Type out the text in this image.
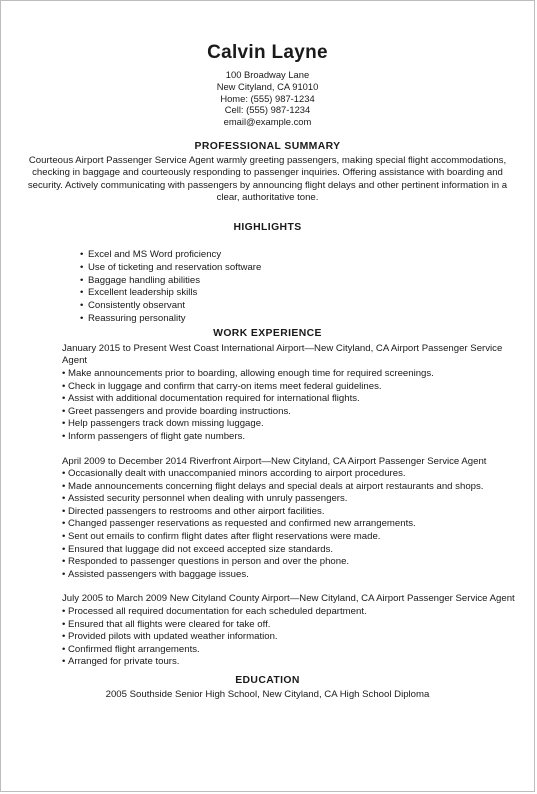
Calvin Layne
100 Broadway Lane
New Cityland, CA 91010
Home: (555) 987-1234
Cell: (555) 987-1234
email@example.com
PROFESSIONAL SUMMARY
Courteous Airport Passenger Service Agent warmly greeting passengers, making special flight accommodations, checking in baggage and courteously responding to passenger inquiries. Offering assistance with boarding and security. Actively communicating with passengers by announcing flight delays and other pertinent information in a clear, authoritative tone.
HIGHLIGHTS
• Excel and MS Word proficiency
• Use of ticketing and reservation software
• Baggage handling abilities
• Excellent leadership skills
• Consistently observant
• Reassuring personality
WORK EXPERIENCE
January 2015 to Present West Coast International Airport—New Cityland, CA Airport Passenger Service Agent
• Make announcements prior to boarding, allowing enough time for required screenings.
• Check in luggage and confirm that carry-on items meet federal guidelines.
• Assist with additional documentation required for international flights.
• Greet passengers and provide boarding instructions.
• Help passengers track down missing luggage.
• Inform passengers of flight gate numbers.
April 2009 to December 2014 Riverfront Airport—New Cityland, CA Airport Passenger Service Agent
• Occasionally dealt with unaccompanied minors according to airport procedures.
• Made announcements concerning flight delays and special deals at airport restaurants and shops.
• Assisted security personnel when dealing with unruly passengers.
• Directed passengers to restrooms and other airport facilities.
• Changed passenger reservations as requested and confirmed new arrangements.
• Sent out emails to confirm flight dates after flight reservations were made.
• Ensured that luggage did not exceed accepted size standards.
• Responded to passenger questions in person and over the phone.
• Assisted passengers with baggage issues.
July 2005 to March 2009 New Cityland County Airport—New Cityland, CA Airport Passenger Service Agent
• Processed all required documentation for each scheduled department.
• Ensured that all flights were cleared for take off.
• Provided pilots with updated weather information.
• Confirmed flight arrangements.
• Arranged for private tours.
EDUCATION
2005 Southside Senior High School, New Cityland, CA High School Diploma
